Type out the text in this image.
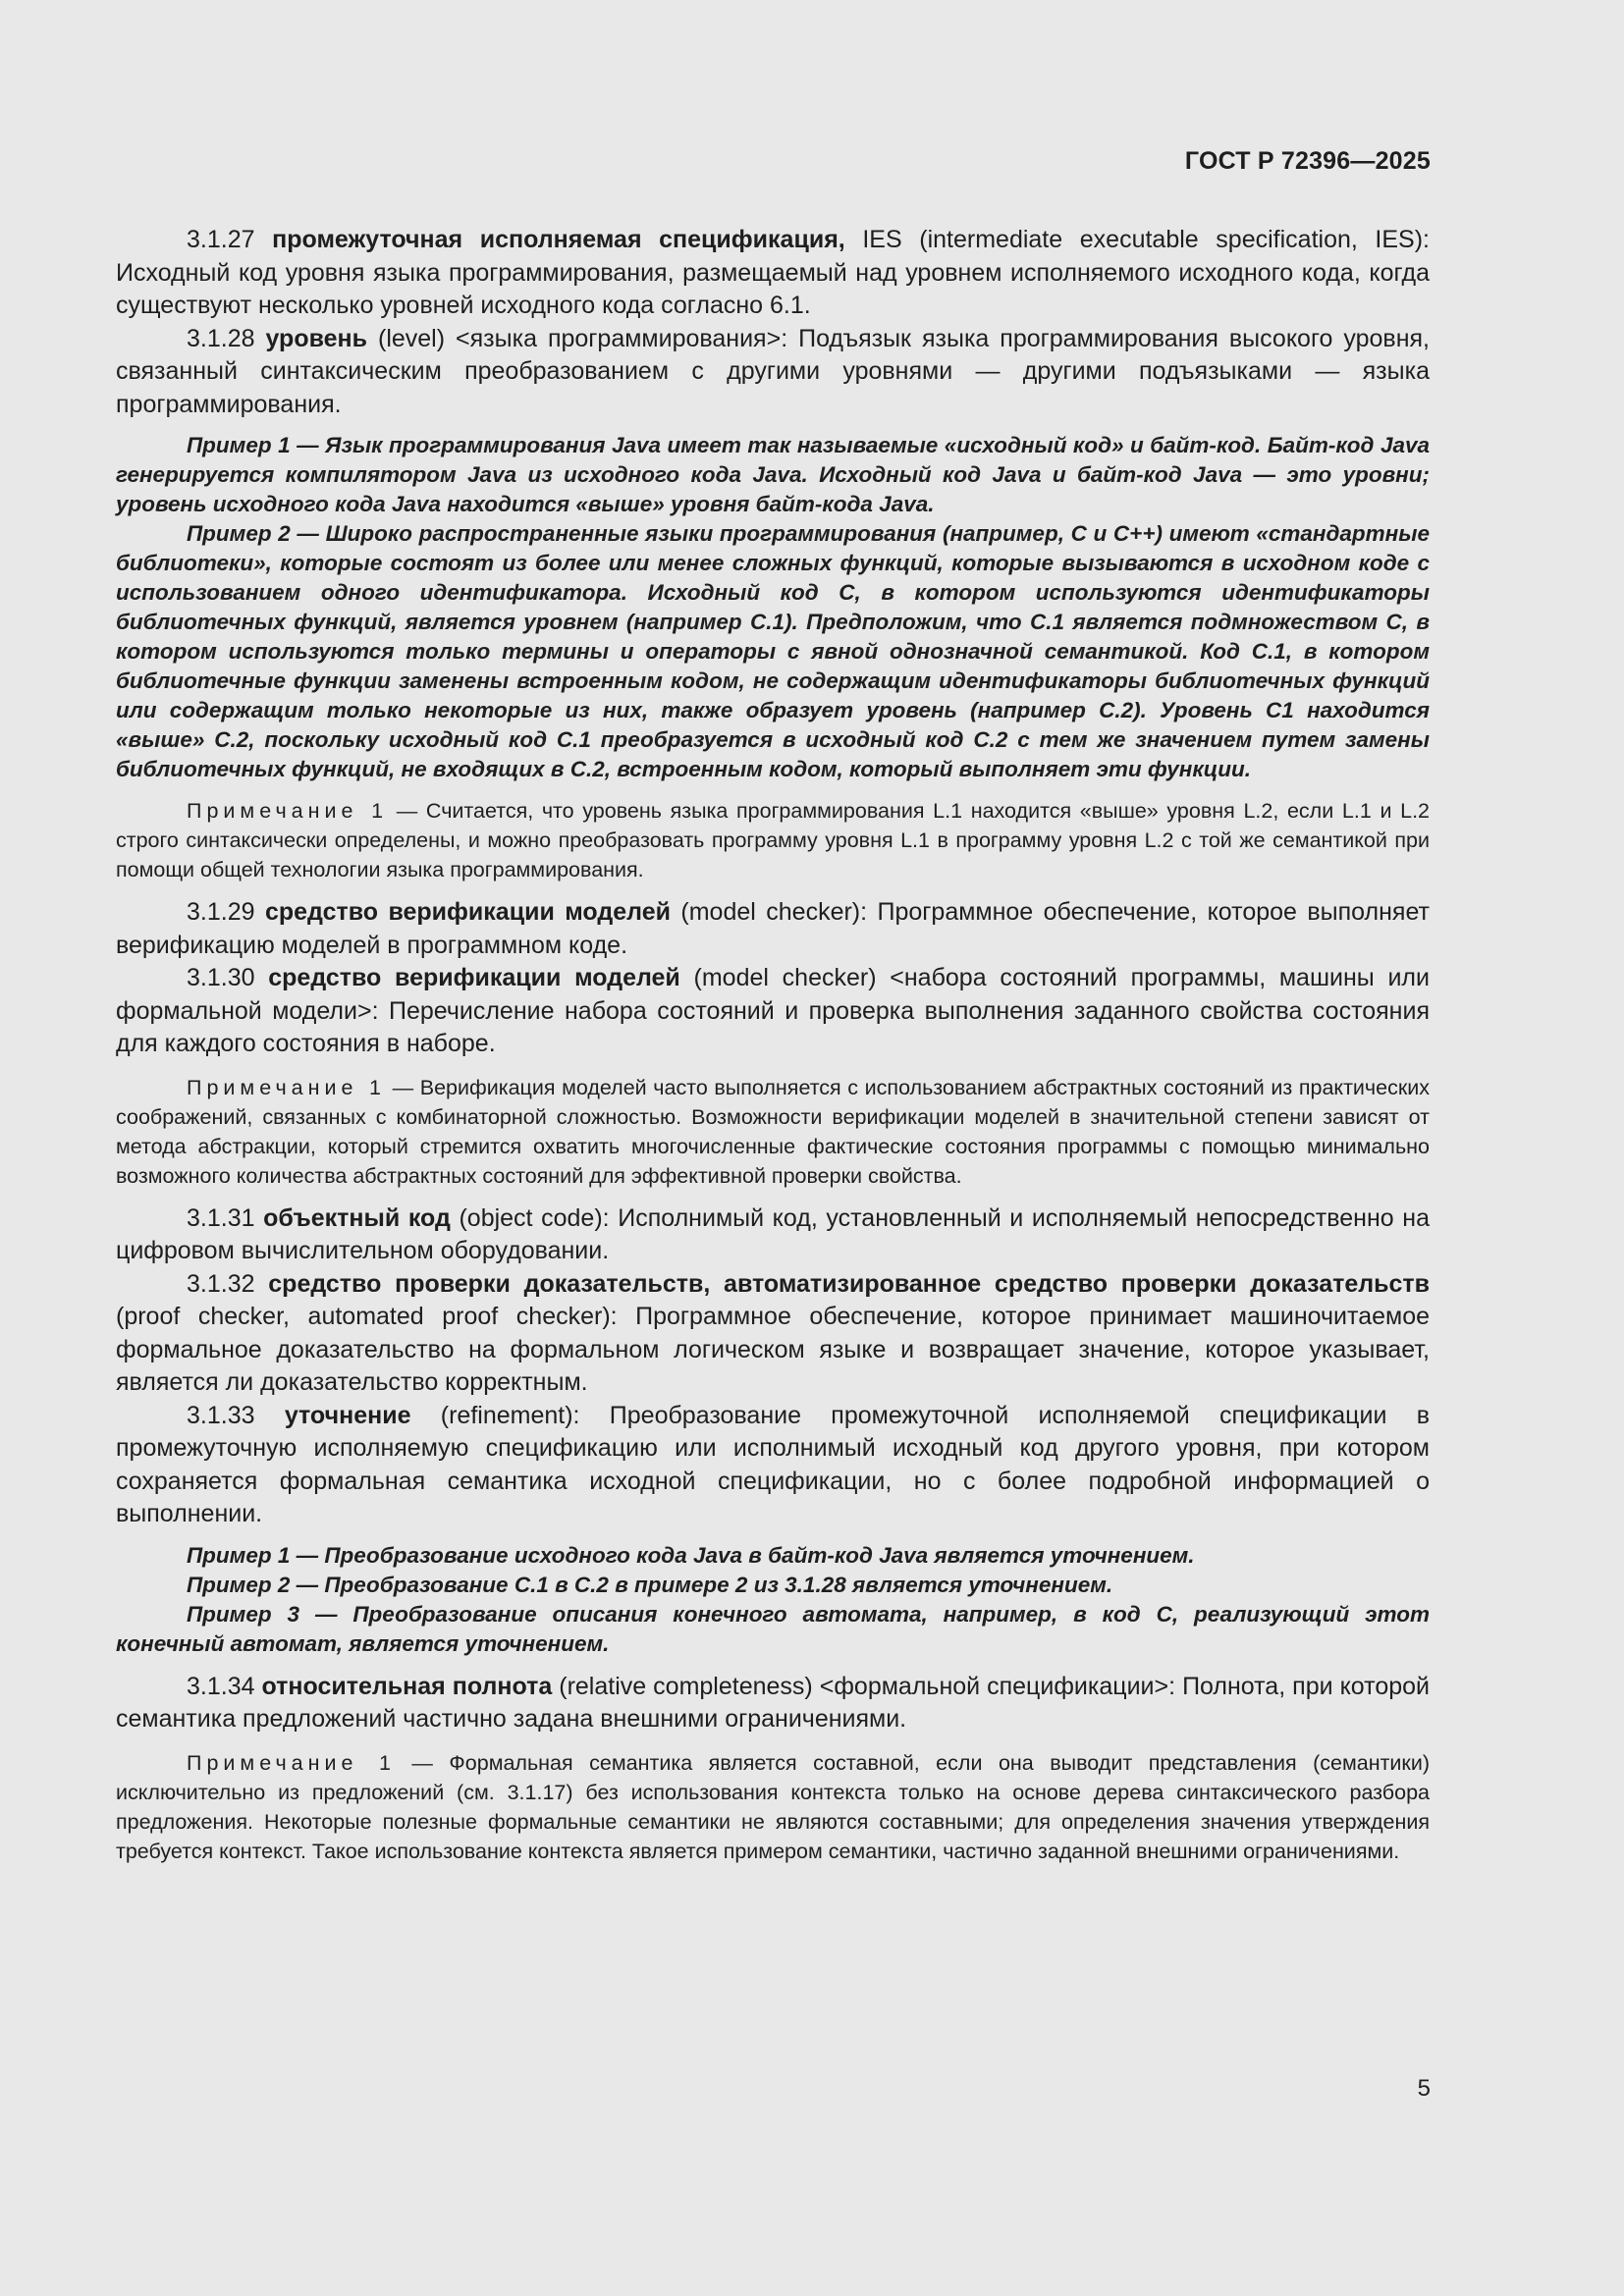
ГОСТ Р 72396—2025

3.1.27 промежуточная исполняемая спецификация, IES (intermediate executable specification, IES): Исходный код уровня языка программирования, размещаемый над уровнем исполняемого исходного кода, когда существуют несколько уровней исходного кода согласно 6.1.

3.1.28 уровень (level) <языка программирования>: Подъязык языка программирования высокого уровня, связанный синтаксическим преобразованием с другими уровнями — другими подъязыками — языка программирования.

Пример 1 — Язык программирования Java имеет так называемые «исходный код» и байт-код. Байт-код Java генерируется компилятором Java из исходного кода Java. Исходный код Java и байт-код Java — это уровни; уровень исходного кода Java находится «выше» уровня байт-кода Java.

Пример 2 — Широко распространенные языки программирования (например, С и С++) имеют «стандартные библиотеки», которые состоят из более или менее сложных функций, которые вызываются в исходном коде с использованием одного идентификатора. Исходный код С, в котором используются идентификаторы библиотечных функций, является уровнем (например С.1). Предположим, что С.1 является подмножеством С, в котором используются только термины и операторы с явной однозначной семантикой. Код С.1, в котором библиотечные функции заменены встроенным кодом, не содержащим идентификаторы библиотечных функций или содержащим только некоторые из них, также образует уровень (например С.2). Уровень С1 находится «выше» С.2, поскольку исходный код С.1 преобразуется в исходный код С.2 с тем же значением путем замены библиотечных функций, не входящих в С.2, встроенным кодом, который выполняет эти функции.

Примечание 1 — Считается, что уровень языка программирования L.1 находится «выше» уровня L.2, если L.1 и L.2 строго синтаксически определены, и можно преобразовать программу уровня L.1 в программу уровня L.2 с той же семантикой при помощи общей технологии языка программирования.

3.1.29 средство верификации моделей (model checker): Программное обеспечение, которое выполняет верификацию моделей в программном коде.

3.1.30 средство верификации моделей (model checker) <набора состояний программы, машины или формальной модели>: Перечисление набора состояний и проверка выполнения заданного свойства состояния для каждого состояния в наборе.

Примечание 1 — Верификация моделей часто выполняется с использованием абстрактных состояний из практических соображений, связанных с комбинаторной сложностью. Возможности верификации моделей в значительной степени зависят от метода абстракции, который стремится охватить многочисленные фактические состояния программы с помощью минимально возможного количества абстрактных состояний для эффективной проверки свойства.

3.1.31 объектный код (object code): Исполнимый код, установленный и исполняемый непосредственно на цифровом вычислительном оборудовании.

3.1.32 средство проверки доказательств, автоматизированное средство проверки доказательств (proof checker, automated proof checker): Программное обеспечение, которое принимает машиночитаемое формальное доказательство на формальном логическом языке и возвращает значение, которое указывает, является ли доказательство корректным.

3.1.33 уточнение (refinement): Преобразование промежуточной исполняемой спецификации в промежуточную исполняемую спецификацию или исполнимый исходный код другого уровня, при котором сохраняется формальная семантика исходной спецификации, но с более подробной информацией о выполнении.

Пример 1 — Преобразование исходного кода Java в байт-код Java является уточнением.

Пример 2 — Преобразование С.1 в С.2 в примере 2 из 3.1.28 является уточнением.

Пример 3 — Преобразование описания конечного автомата, например, в код С, реализующий этот конечный автомат, является уточнением.

3.1.34 относительная полнота (relative completeness) <формальной спецификации>: Полнота, при которой семантика предложений частично задана внешними ограничениями.

Примечание 1 — Формальная семантика является составной, если она выводит представления (семантики) исключительно из предложений (см. 3.1.17) без использования контекста только на основе дерева синтаксического разбора предложения. Некоторые полезные формальные семантики не являются составными; для определения значения утверждения требуется контекст. Такое использование контекста является примером семантики, частично заданной внешними ограничениями.

5
